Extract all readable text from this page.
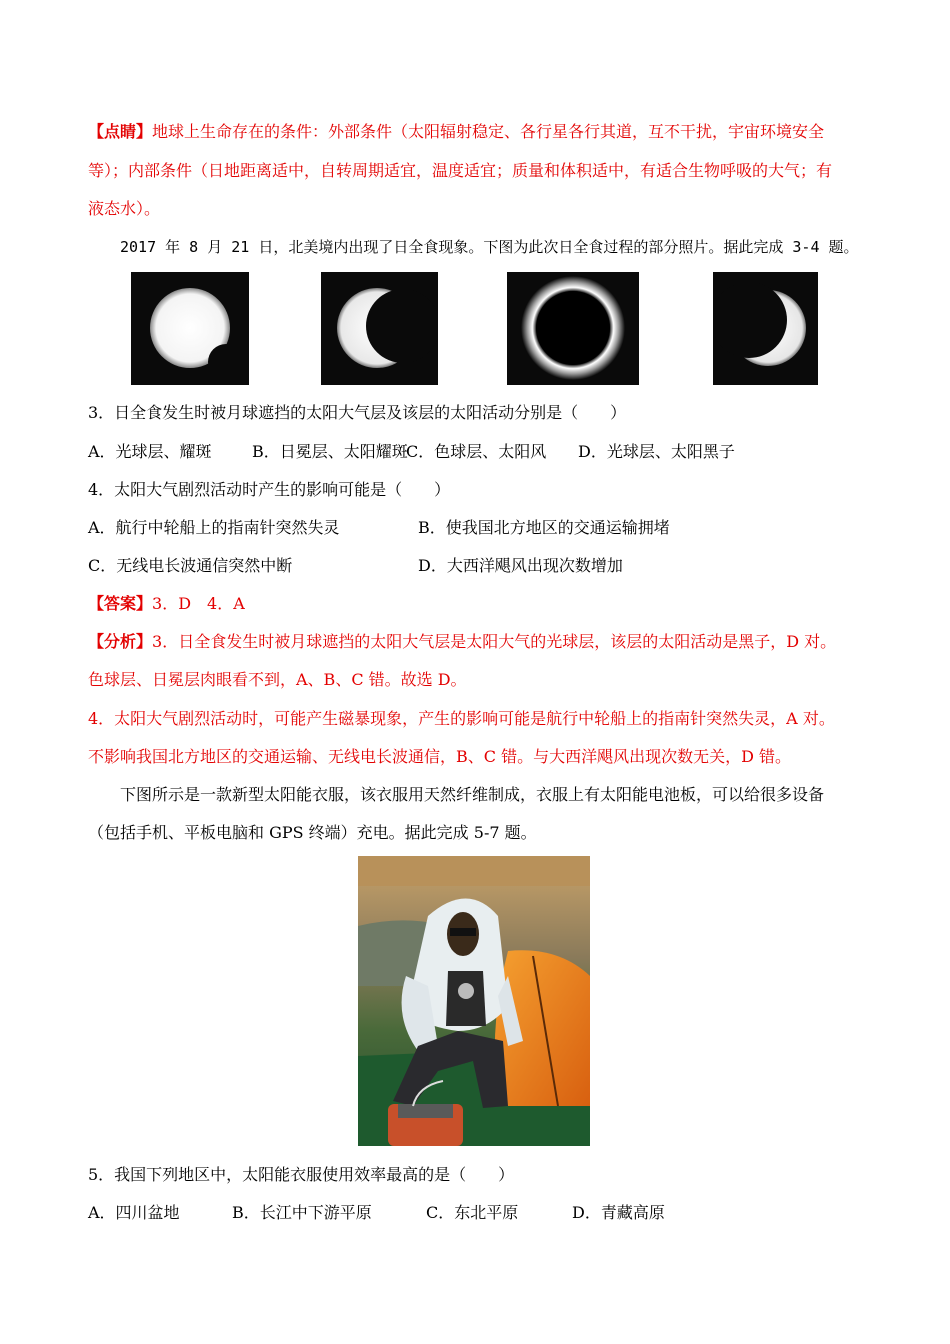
【点睛】地球上生命存在的条件：外部条件（太阳辐射稳定、各行星各行其道，互不干扰，宇宙环境安全
等）；内部条件（日地距离适中，自转周期适宜，温度适宜；质量和体积适中，有适合生物呼吸的大气；有
液态水）。
2017 年 8 月 21 日，北美境内出现了日全食现象。下图为此次日全食过程的部分照片。据此完成 3-4 题。
3．日全食发生时被月球遮挡的太阳大气层及该层的太阳活动分别是（　　）
A．光球层、耀斑	B．日冕层、太阳耀斑
C．色球层、太阳风 D．光球层、太阳黑子
4．太阳大气剧烈活动时产生的影响可能是（　　）
A．航行中轮船上的指南针突然失灵	B．使我国北方地区的交通运输拥堵
C．无线电长波通信突然中断	D．大西洋飓风出现次数增加
【答案】3．D　4．A
【分析】3．日全食发生时被月球遮挡的太阳大气层是太阳大气的光球层，该层的太阳活动是黑子，D 对。
色球层、日冕层肉眼看不到，A、B、C 错。故选 D。
4．太阳大气剧烈活动时，可能产生磁暴现象，产生的影响可能是航行中轮船上的指南针突然失灵，A 对。
不影响我国北方地区的交通运输、无线电长波通信，B、C 错。与大西洋飓风出现次数无关，D 错。
下图所示是一款新型太阳能衣服，该衣服用天然纤维制成，衣服上有太阳能电池板，可以给很多设备
（包括手机、平板电脑和 GPS 终端）充电。据此完成 5-7 题。
5．我国下列地区中，太阳能衣服使用效率最高的是（　　）
A．四川盆地	B．长江中下游平原	C．东北平原	D．青藏高原
